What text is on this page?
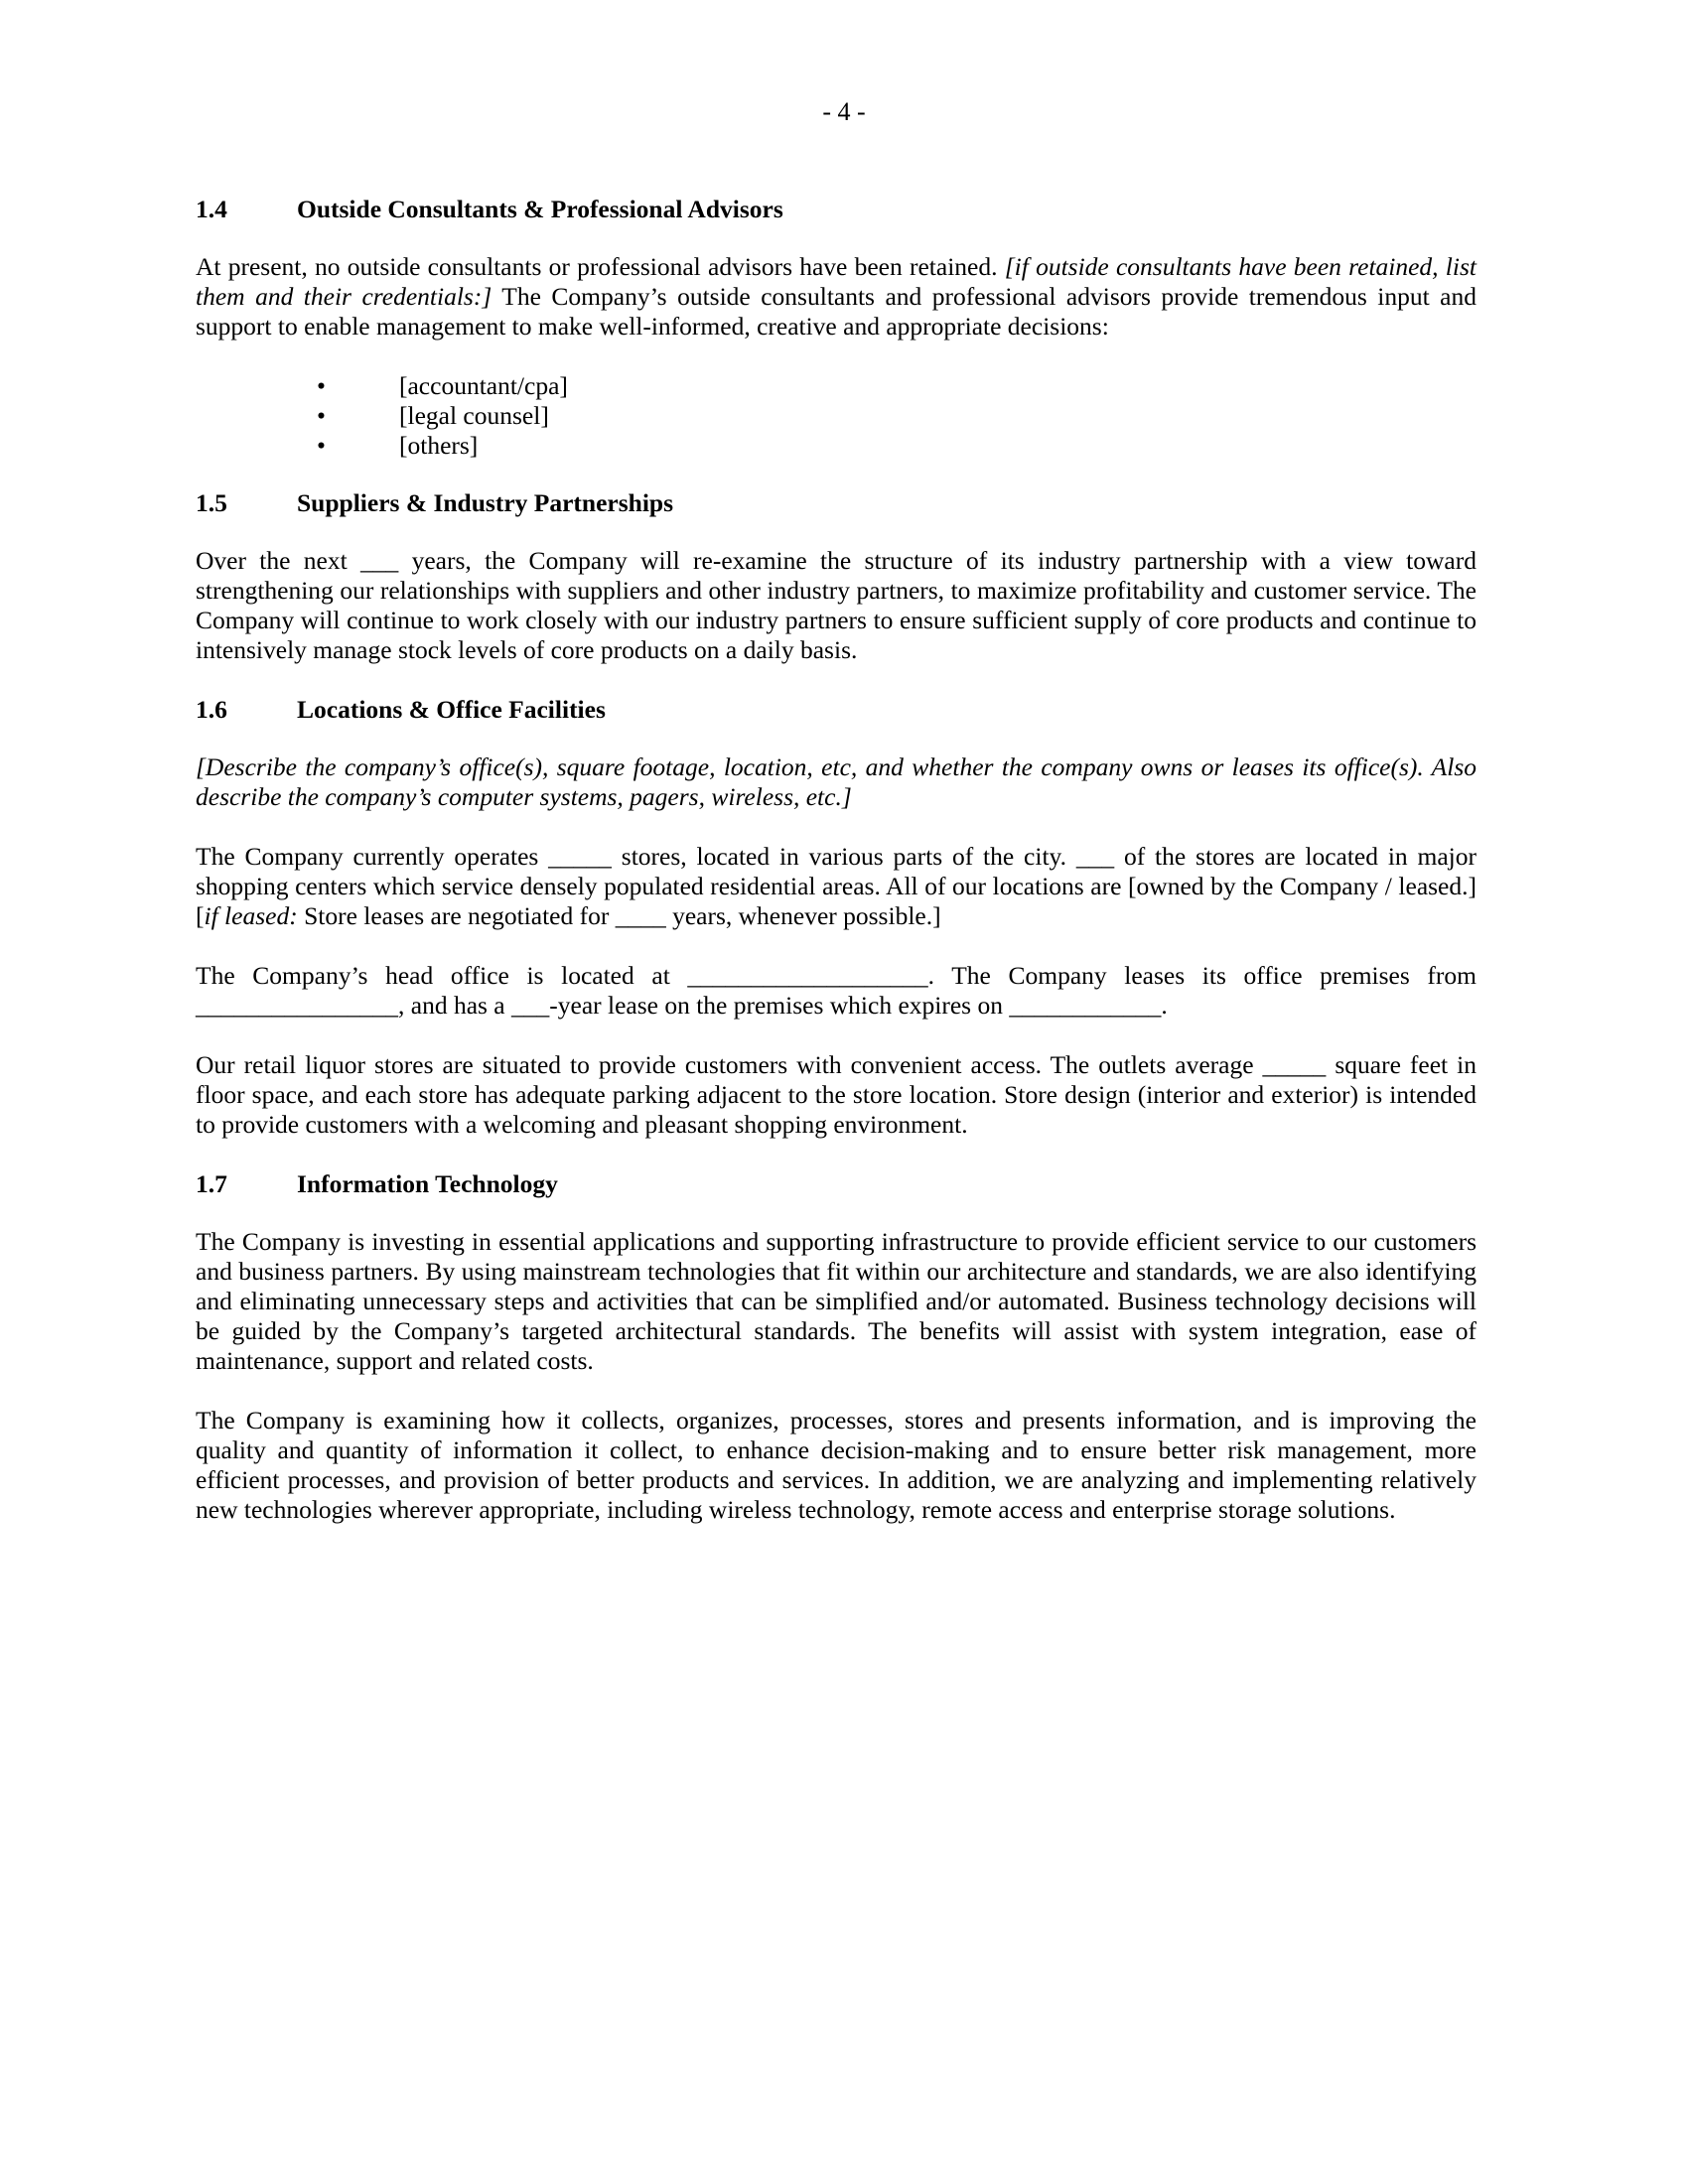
- 4 -
1.4	Outside Consultants & Professional Advisors

At present, no outside consultants or professional advisors have been retained. [if outside consultants have been retained, list them and their credentials:] The Company’s outside consultants and professional advisors provide tremendous input and support to enable management to make well-informed, creative and appropriate decisions:

•	[accountant/cpa]
•	[legal counsel]
•	[others]
1.5	Suppliers & Industry Partnerships

Over the next ___ years, the Company will re-examine the structure of its industry partnership with a view toward strengthening our relationships with suppliers and other industry partners, to maximize profitability and customer service. The Company will continue to work closely with our industry partners to ensure sufficient supply of core products and continue to intensively manage stock levels of core products on a daily basis.

1.6	Locations & Office Facilities

[Describe the company’s office(s), square footage, location, etc, and whether the company owns or leases its office(s). Also describe the company’s computer systems, pagers, wireless, etc.]

The Company currently operates _____ stores, located in various parts of the city. ___ of the stores are located in major shopping centers which service densely populated residential areas. All of our locations are [owned by the Company / leased.] [if leased: Store leases are negotiated for ____ years, whenever possible.]

The Company’s head office is located at ___________________. The Company leases its office premises from ________________, and has a ___-year lease on the premises which expires on ____________.

Our retail liquor stores are situated to provide customers with convenient access. The outlets average _____ square feet in floor space, and each store has adequate parking adjacent to the store location. Store design (interior and exterior) is intended to provide customers with a welcoming and pleasant shopping environment.

1.7	Information Technology

The Company is investing in essential applications and supporting infrastructure to provide efficient service to our customers and business partners. By using mainstream technologies that fit within our architecture and standards, we are also identifying and eliminating unnecessary steps and activities that can be simplified and/or automated. Business technology decisions will be guided by the Company’s targeted architectural standards. The benefits will assist with system integration, ease of maintenance, support and related costs.

The Company is examining how it collects, organizes, processes, stores and presents information, and is improving the quality and quantity of information it collect, to enhance decision-making and to ensure better risk management, more efficient processes, and provision of better products and services. In addition, we are analyzing and implementing relatively new technologies wherever appropriate, including wireless technology, remote access and enterprise storage solutions.
